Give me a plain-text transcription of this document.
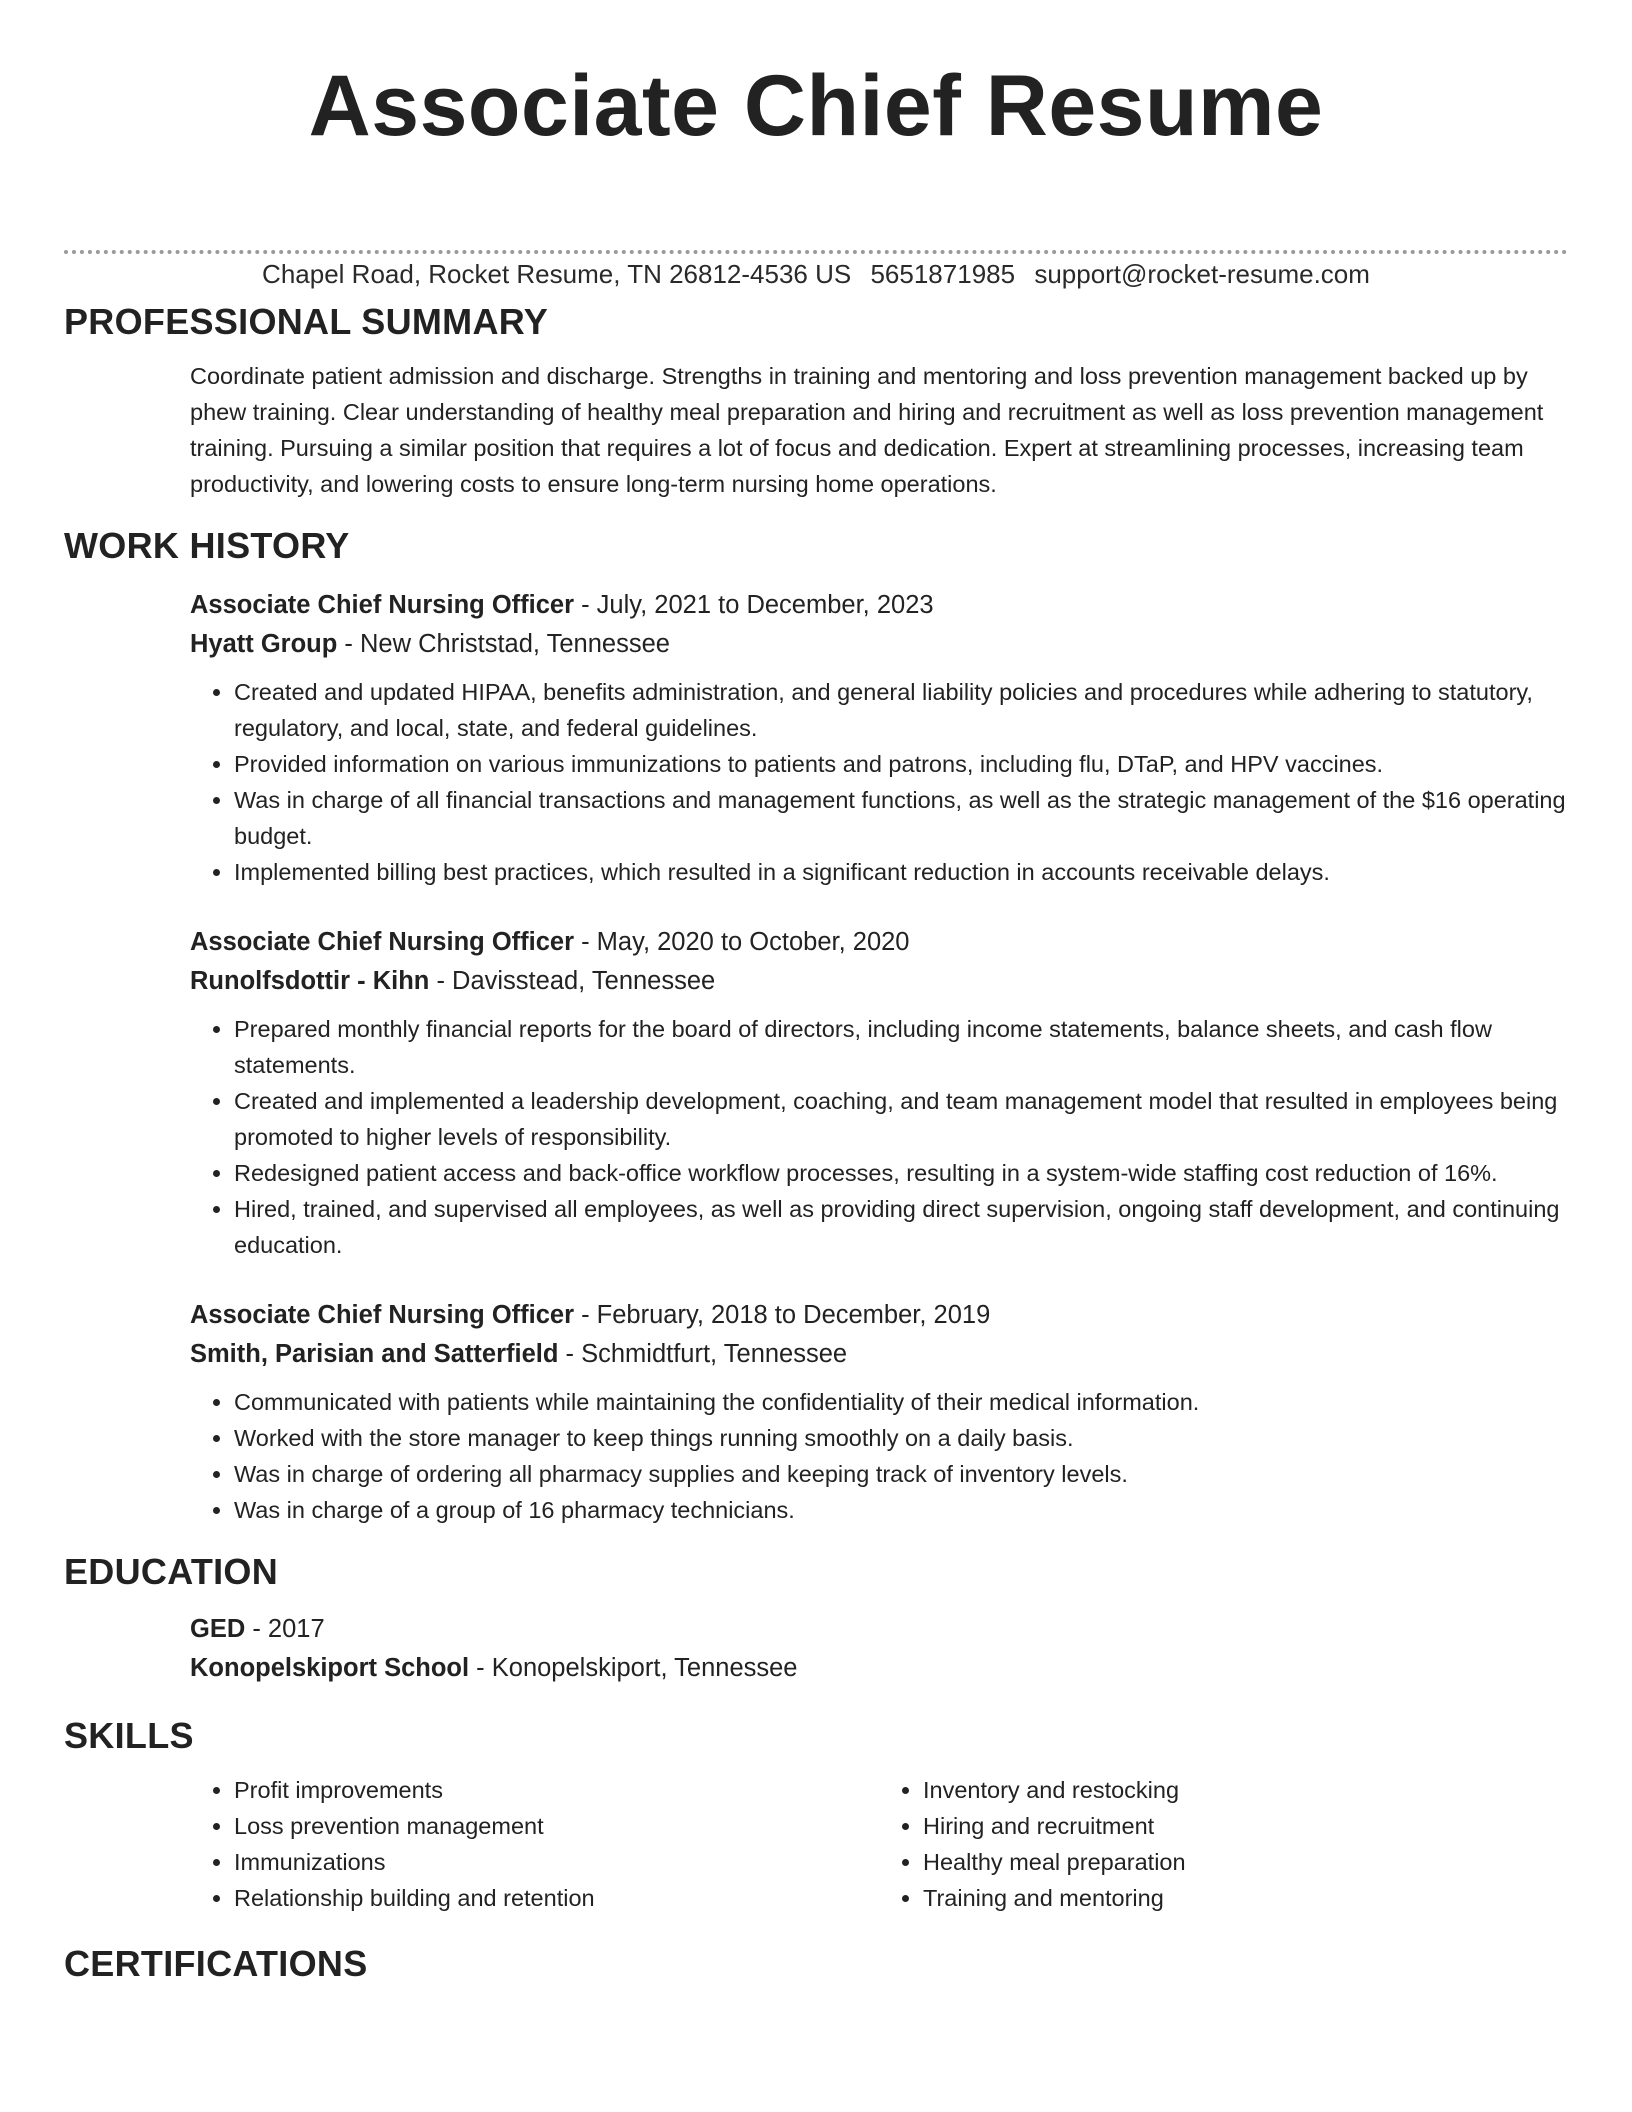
Associate Chief Resume
Chapel Road, Rocket Resume, TN 26812-4536 US 5651871985 support@rocket-resume.com
PROFESSIONAL SUMMARY

Coordinate patient admission and discharge. Strengths in training and mentoring and loss prevention management backed up by phew training. Clear understanding of healthy meal preparation and hiring and recruitment as well as loss prevention management training. Pursuing a similar position that requires a lot of focus and dedication. Expert at streamlining processes, increasing team productivity, and lowering costs to ensure long-term nursing home operations.

WORK HISTORY
Associate Chief Nursing Officer - July, 2021 to December, 2023
Hyatt Group - New Christstad, Tennessee
• Created and updated HIPAA, benefits administration, and general liability policies and procedures while adhering to statutory, regulatory, and local, state, and federal guidelines.
• Provided information on various immunizations to patients and patrons, including flu, DTaP, and HPV vaccines.
• Was in charge of all financial transactions and management functions, as well as the strategic management of the $16 operating budget.
• Implemented billing best practices, which resulted in a significant reduction in accounts receivable delays.
Associate Chief Nursing Officer - May, 2020 to October, 2020
Runolfsdottir - Kihn - Davisstead, Tennessee
• Prepared monthly financial reports for the board of directors, including income statements, balance sheets, and cash flow statements.
• Created and implemented a leadership development, coaching, and team management model that resulted in employees being promoted to higher levels of responsibility.
• Redesigned patient access and back-office workflow processes, resulting in a system-wide staffing cost reduction of 16%.
• Hired, trained, and supervised all employees, as well as providing direct supervision, ongoing staff development, and continuing education.
Associate Chief Nursing Officer - February, 2018 to December, 2019
Smith, Parisian and Satterfield - Schmidtfurt, Tennessee
• Communicated with patients while maintaining the confidentiality of their medical information.
• Worked with the store manager to keep things running smoothly on a daily basis.
• Was in charge of ordering all pharmacy supplies and keeping track of inventory levels.
• Was in charge of a group of 16 pharmacy technicians.
EDUCATION
GED - 2017
Konopelskiport School - Konopelskiport, Tennessee
SKILLS
• Profit improvements
• Loss prevention management
• Immunizations
• Relationship building and retention
• Inventory and restocking
• Hiring and recruitment
• Healthy meal preparation
• Training and mentoring
CERTIFICATIONS
